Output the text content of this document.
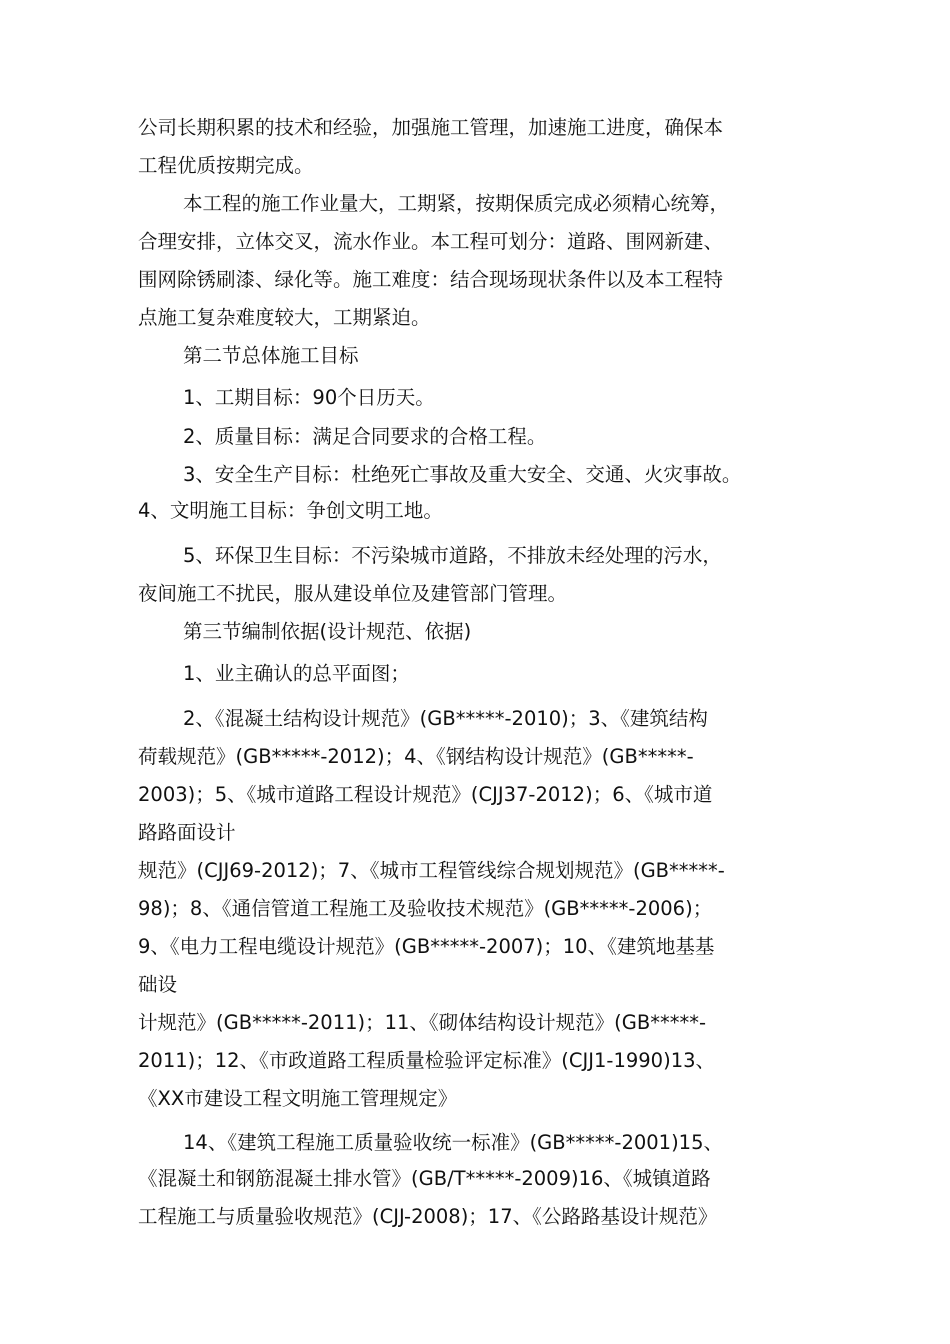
公司长期积累的技术和经验，加强施工管理，加速施工进度，确保本
工程优质按期完成。
本工程的施工作业量大，工期紧，按期保质完成必须精心统筹，
合理安排，立体交叉，流水作业。本工程可划分：道路、围网新建、
围网除锈刷漆、绿化等。施工难度：结合现场现状条件以及本工程特
点施工复杂难度较大，工期紧迫。
第二节总体施工目标
1、工期目标：90个日历天。
2、质量目标：满足合同要求的合格工程。
3、安全生产目标：杜绝死亡事故及重大安全、交通、火灾事故。
4、文明施工目标：争创文明工地。
5、环保卫生目标：不污染城市道路，不排放未经处理的污水，
夜间施工不扰民，服从建设单位及建管部门管理。
第三节编制依据(设计规范、依据)
1、业主确认的总平面图；
2、《混凝土结构设计规范》(GB*****-2010)；3、《建筑结构
荷载规范》(GB*****-2012)；4、《钢结构设计规范》(GB*****-
2003)；5、《城市道路工程设计规范》(CJJ37-2012)；6、《城市道
路路面设计
规范》(CJJ69-2012)；7、《城市工程管线综合规划规范》(GB*****-
98)；8、《通信管道工程施工及验收技术规范》(GB*****-2006)；
9、《电力工程电缆设计规范》(GB*****-2007)；10、《建筑地基基
础设
计规范》(GB*****-2011)；11、《砌体结构设计规范》(GB*****-
2011)；12、《市政道路工程质量检验评定标准》(CJJ1-1990)13、
《XX市建设工程文明施工管理规定》
14、《建筑工程施工质量验收统一标准》(GB*****-2001)15、
《混凝土和钢筋混凝土排水管》(GB/T*****-2009)16、《城镇道路
工程施工与质量验收规范》(CJJ-2008)；17、《公路路基设计规范》
